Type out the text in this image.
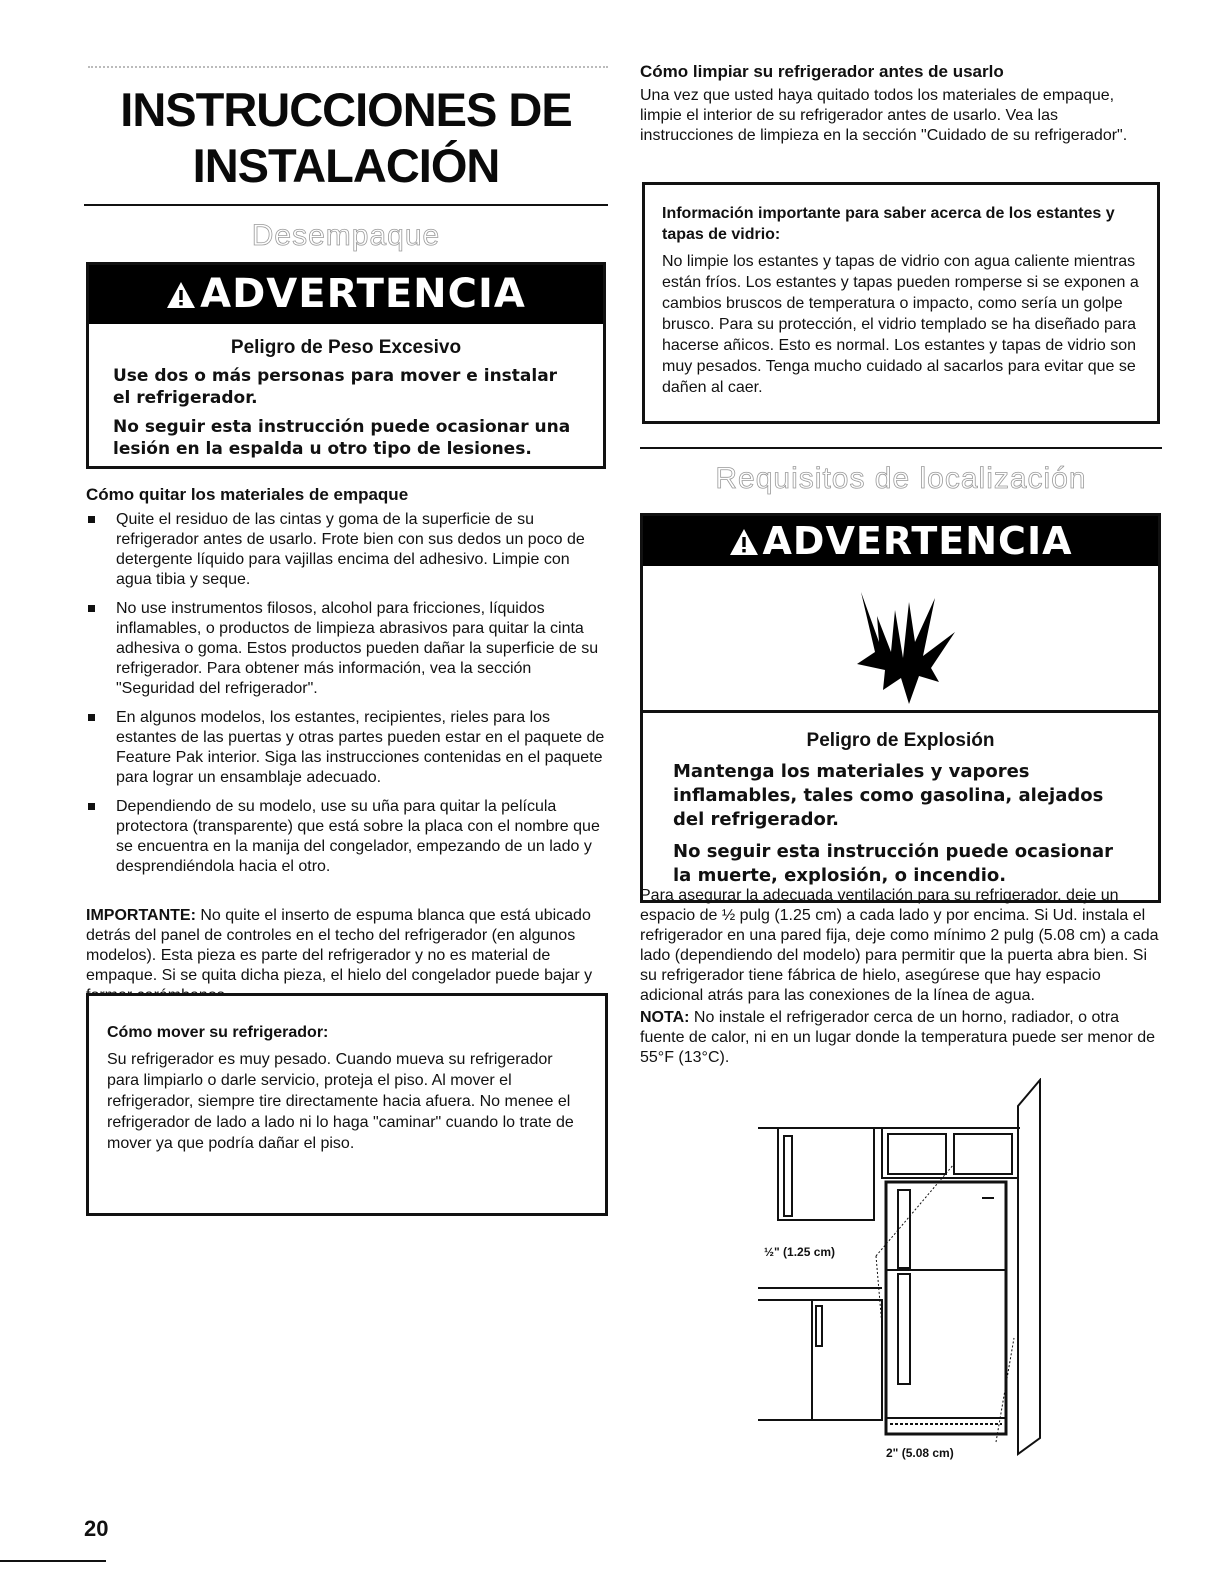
INSTRUCCIONES DE
INSTALACIÓN
Desempaque
ADVERTENCIA
Peligro de Peso Excesivo
Use dos o más personas para mover e instalar el refrigerador.
No seguir esta instrucción puede ocasionar una lesión en la espalda u otro tipo de lesiones.
Cómo quitar los materiales de empaque
Quite el residuo de las cintas y goma de la superficie de su refrigerador antes de usarlo. Frote bien con sus dedos un poco de detergente líquido para vajillas encima del adhesivo. Limpie con agua tibia y seque.
No use instrumentos filosos, alcohol para fricciones, líquidos inflamables, o productos de limpieza abrasivos para quitar la cinta adhesiva o goma. Estos productos pueden dañar la superficie de su refrigerador. Para obtener más información, vea la sección "Seguridad del refrigerador".
En algunos modelos, los estantes, recipientes, rieles para los estantes de las puertas y otras partes pueden estar en el paquete de Feature Pak interior. Siga las instrucciones contenidas en el paquete para lograr un ensamblaje adecuado.
Dependiendo de su modelo, use su uña para quitar la película protectora (transparente) que está sobre la placa con el nombre que se encuentra en la manija del congelador, empezando de un lado y desprendiéndola hacia el otro.
IMPORTANTE: No quite el inserto de espuma blanca que está ubicado detrás del panel de controles en el techo del refrigerador (en algunos modelos). Esta pieza es parte del refrigerador y no es material de empaque. Si se quita dicha pieza, el hielo del congelador puede bajar y
Cómo mover su refrigerador:
Su refrigerador es muy pesado. Cuando mueva su refrigerador para limpiarlo o darle servicio, proteja el piso. Al mover el refrigerador, siempre tire directamente hacia afuera. No menee el refrigerador de lado a lado ni lo haga "caminar" cuando lo trate de mover ya que podría dañar el piso.
Cómo limpiar su refrigerador antes de usarlo
Una vez que usted haya quitado todos los materiales de empaque, limpie el interior de su refrigerador antes de usarlo. Vea las instrucciones de limpieza en la sección "Cuidado de su refrigerador".
Información importante para saber acerca de los estantes y tapas de vidrio:
No limpie los estantes y tapas de vidrio con agua caliente mientras están fríos. Los estantes y tapas pueden romperse si se exponen a cambios bruscos de temperatura o impacto, como sería un golpe brusco. Para su protección, el vidrio templado se ha diseñado para hacerse añicos. Esto es normal. Los estantes y tapas de vidrio son muy pesados. Tenga mucho cuidado al sacarlos para evitar que se dañen al caer.
Requisitos de localización
ADVERTENCIA
Peligro de Explosión
Mantenga los materiales y vapores inflamables, tales como gasolina, alejados del refrigerador.
No seguir esta instrucción puede ocasionar la muerte, explosión, o incendio.
Para asegurar la adecuada ventilación para su refrigerador, deje un espacio de ½ pulg (1.25 cm) a cada lado y por encima. Si Ud. instala el refrigerador en una pared fija, deje como mínimo 2 pulg (5.08 cm) a cada lado (dependiendo del modelo) para permitir que la puerta abra bien. Si su refrigerador tiene fábrica de hielo, asegúrese que hay espacio adicional atrás para las conexiones de la línea de agua.
NOTA: No instale el refrigerador cerca de un horno, radiador, o otra fuente de calor, ni en un lugar donde la temperatura puede ser menor de 55°F (13°C).
½" (1.25 cm)
2" (5.08 cm)
20
